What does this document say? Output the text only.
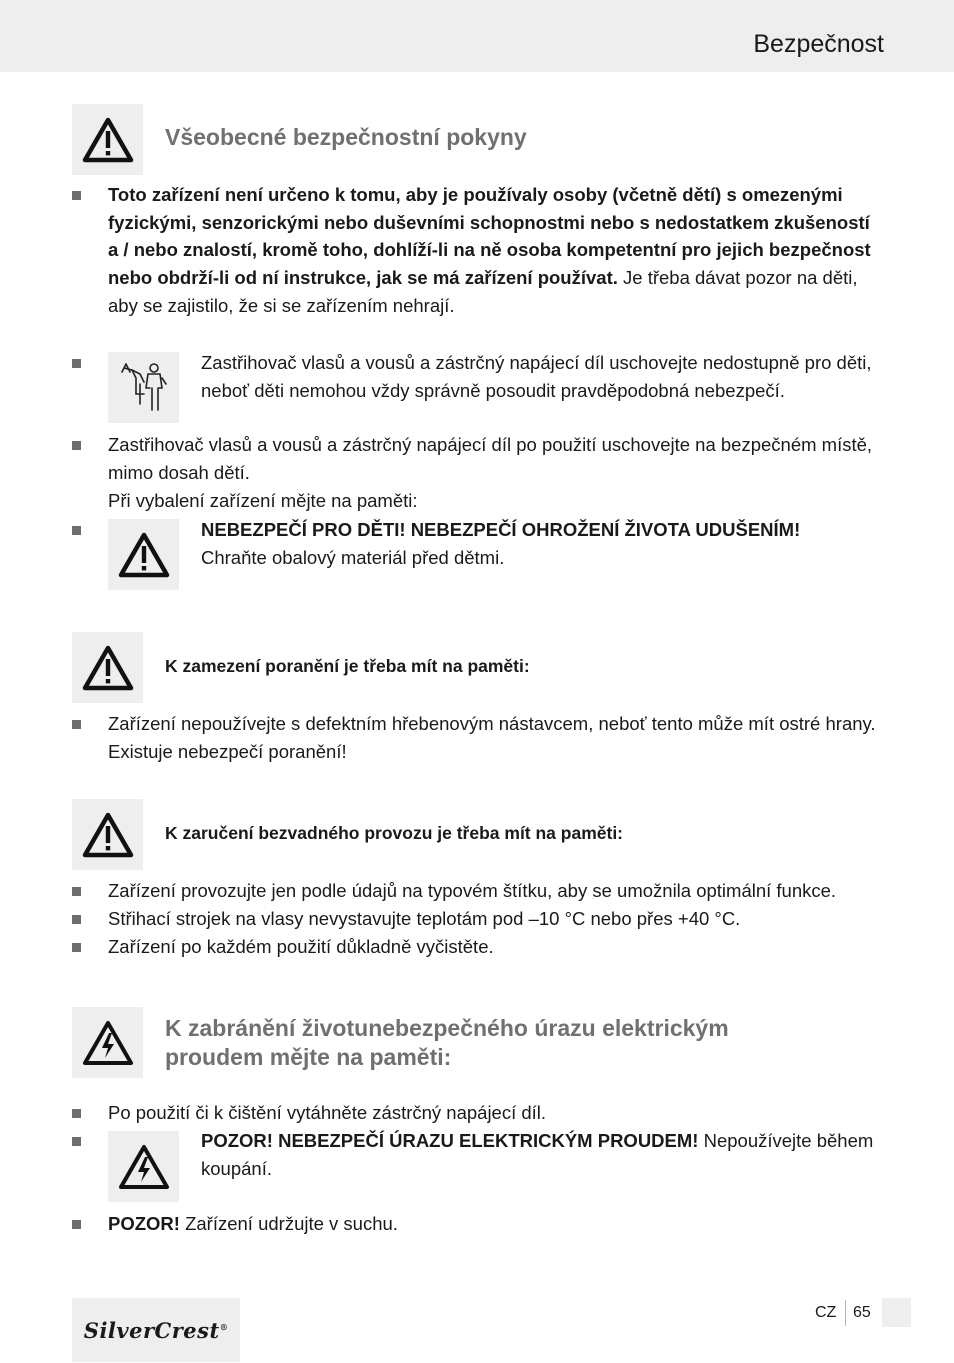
Bezpečnost
Všeobecné bezpečnostní pokyny
Toto zařízení není určeno k tomu, aby je používaly osoby (včetně dětí) s omezenými fyzickými, senzorickými nebo duševními schopnostmi nebo s nedostatkem zkušeností a / nebo znalostí, kromě toho, dohlíží-li na ně osoba kompetentní pro jejich bezpečnost nebo obdrží-li od ní instrukce, jak se má zařízení používat. Je třeba dávat pozor na děti, aby se zajistilo, že si se zařízením nehrají.
Zastřihovač vlasů a vousů a zástrčný napájecí díl uschovejte nedostupně pro děti, neboť děti nemohou vždy správně posoudit pravděpodobná nebezpečí.
Zastřihovač vlasů a vousů a zástrčný napájecí díl po použití uschovejte na bezpečném místě, mimo dosah dětí.
Při vybalení zařízení mějte na paměti:
NEBEZPEČÍ PRO DĚTI! NEBEZPEČÍ OHROŽENÍ ŽIVOTA UDUŠENÍM!
Chraňte obalový materiál před dětmi.
K zamezení poranění je třeba mít na paměti:
Zařízení nepoužívejte s defektním hřebenovým nástavcem, neboť tento může mít ostré hrany. Existuje nebezpečí poranění!
K zaručení bezvadného provozu je třeba mít na paměti:
Zařízení provozujte jen podle údajů na typovém štítku, aby se umožnila optimální funkce.
Střihací strojek na vlasy nevystavujte teplotám pod –10 °C nebo přes +40 °C.
Zařízení po každém použití důkladně vyčistěte.
K zabránění životunebezpečného úrazu elektrickým
proudem mějte na paměti:
Po použití či k čištění vytáhněte zástrčný napájecí díl.
POZOR! NEBEZPEČÍ ÚRAZU ELEKTRICKÝM PROUDEM! Nepoužívejte během koupání.
POZOR! Zařízení udržujte v suchu.
SilverCrest®
CZ 65
